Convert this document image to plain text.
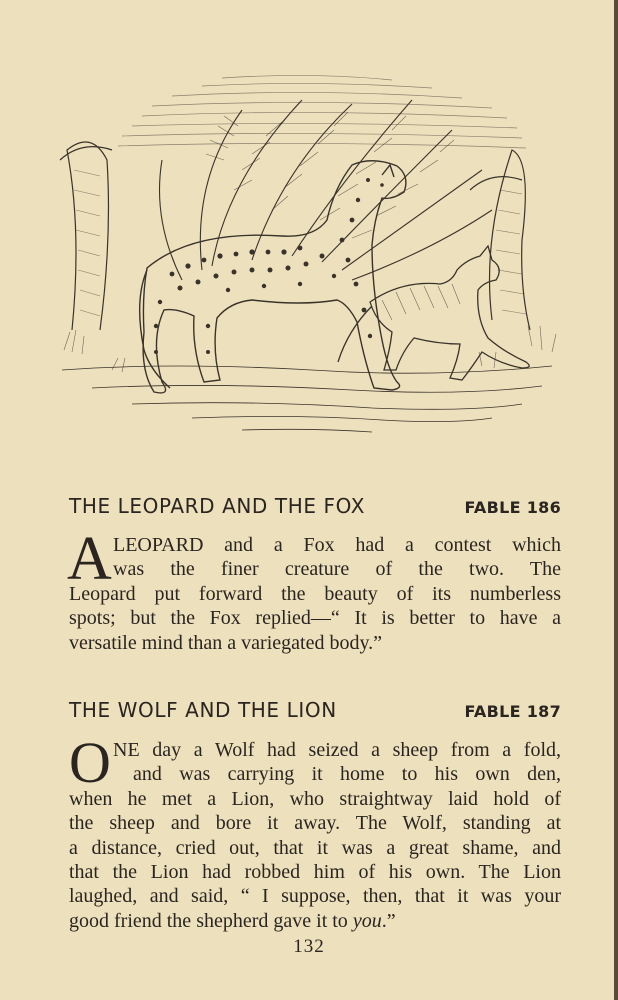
THE LEOPARD AND THE FOX	FABLE 186
A LEOPARD and a Fox had a contest which
was the finer creature of the two. The
Leopard put forward the beauty of its numberless
spots; but the Fox replied—“ It is better to have a
versatile mind than a variegated body.”
THE WOLF AND THE LION	FABLE 187
O NE day a Wolf had seized a sheep from a fold,
and was carrying it home to his own den,
when he met a Lion, who straightway laid hold of
the sheep and bore it away. The Wolf, standing at
a distance, cried out, that it was a great shame, and
that the Lion had robbed him of his own. The Lion
laughed, and said, “ I suppose, then, that it was your
good friend the shepherd gave it to you.”
132
